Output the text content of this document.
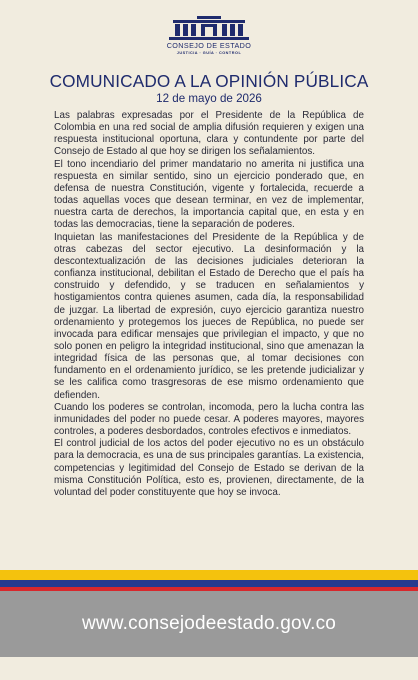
CONSEJO DE ESTADO
JUSTICIA · GUÍA · CONTROL
COMUNICADO A LA OPINIÓN PÚBLICA
12 de mayo de 2026

Las palabras expresadas por el Presidente de la República de Colombia en una red social de amplia difusión requieren y exigen una respuesta institucional oportuna, clara y contundente por parte del Consejo de Estado al que hoy se dirigen los señalamientos.

El tono incendiario del primer mandatario no amerita ni justifica una respuesta en similar sentido, sino un ejercicio ponderado que, en defensa de nuestra Constitución, vigente y fortalecida, recuerde a todas aquellas voces que desean terminar, en vez de implementar, nuestra carta de derechos, la importancia capital que, en esta y en todas las democracias, tiene la separación de poderes.

Inquietan las manifestaciones del Presidente de la República y de otras cabezas del sector ejecutivo. La desinformación y la descontextualización de las decisiones judiciales deterioran la confianza institucional, debilitan el Estado de Derecho que el país ha construido y defendido, y se traducen en señalamientos y hostigamientos contra quienes asumen, cada día, la responsabilidad de juzgar. La libertad de expresión, cuyo ejercicio garantiza nuestro ordenamiento y protegemos los jueces de República, no puede ser invocada para edificar mensajes que privilegian el impacto, y que no solo ponen en peligro la integridad institucional, sino que amenazan la integridad física de las personas que, al tomar decisiones con fundamento en el ordenamiento jurídico, se les pretende judicializar y se les califica como trasgresoras de ese mismo ordenamiento que defienden.

Cuando los poderes se controlan, incomoda, pero la lucha contra las inmunidades del poder no puede cesar. A poderes mayores, mayores controles, a poderes desbordados, controles efectivos e inmediatos.

El control judicial de los actos del poder ejecutivo no es un obstáculo para la democracia, es una de sus principales garantías. La existencia, competencias y legitimidad del Consejo de Estado se derivan de la misma Constitución Política, esto es, provienen, directamente, de la voluntad del poder constituyente que hoy se invoca.

www.consejodeestado.gov.co
